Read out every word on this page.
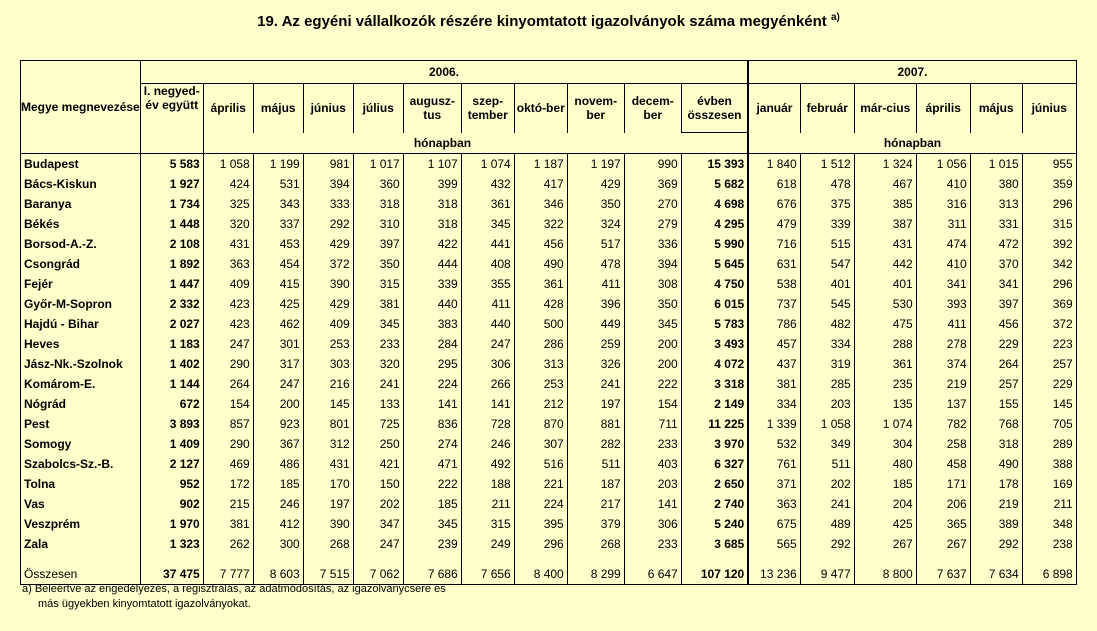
19. Az egyéni vállalkozók részére kinyomtatott igazolványok száma megyénként $^{a)}$
Megye megnevezése	2006.											2007.					
	I. negyed-év együtt	április	május	június	július	augusz-tus	szep-tember	októ-ber	novem-ber	decem-ber	évben összesen	január	február	már-cius	április	május	június
		hónapban										hónapban					
Budapest	5 583	1 058	1 199	981	1 017	1 107	1 074	1 187	1 197	990	15 393	1 840	1 512	1 324	1 056	1 015	955
Bács-Kiskun	1 927	424	531	394	360	399	432	417	429	369	5 682	618	478	467	410	380	359
Baranya	1 734	325	343	333	318	318	361	346	350	270	4 698	676	375	385	316	313	296
Békés	1 448	320	337	292	310	318	345	322	324	279	4 295	479	339	387	311	331	315
Borsod-A.-Z.	2 108	431	453	429	397	422	441	456	517	336	5 990	716	515	431	474	472	392
Csongrád	1 892	363	454	372	350	444	408	490	478	394	5 645	631	547	442	410	370	342
Fejér	1 447	409	415	390	315	339	355	361	411	308	4 750	538	401	401	341	341	296
Győr-M-Sopron	2 332	423	425	429	381	440	411	428	396	350	6 015	737	545	530	393	397	369
Hajdú - Bihar	2 027	423	462	409	345	383	440	500	449	345	5 783	786	482	475	411	456	372
Heves	1 183	247	301	253	233	284	247	286	259	200	3 493	457	334	288	278	229	223
Jász-Nk.-Szolnok	1 402	290	317	303	320	295	306	313	326	200	4 072	437	319	361	374	264	257
Komárom-E.	1 144	264	247	216	241	224	266	253	241	222	3 318	381	285	235	219	257	229
Nógrád	672	154	200	145	133	141	141	212	197	154	2 149	334	203	135	137	155	145
Pest	3 893	857	923	801	725	836	728	870	881	711	11 225	1 339	1 058	1 074	782	768	705
Somogy	1 409	290	367	312	250	274	246	307	282	233	3 970	532	349	304	258	318	289
Szabolcs-Sz.-B.	2 127	469	486	431	421	471	492	516	511	403	6 327	761	511	480	458	490	388
Tolna	952	172	185	170	150	222	188	221	187	203	2 650	371	202	185	171	178	169
Vas	902	215	246	197	202	185	211	224	217	141	2 740	363	241	204	206	219	211
Veszprém	1 970	381	412	390	347	345	315	395	379	306	5 240	675	489	425	365	389	348
Zala	1 323	262	300	268	247	239	249	296	268	233	3 685	565	292	267	267	292	238
Összesen	37 475	7 777	8 603	7 515	7 062	7 686	7 656	8 400	8 299	6 647	107 120	13 236	9 477	8 800	7 637	7 634	6 898
a) Beleértve az engedélyezés, a regisztrálás, az adatmódosítás, az igazolványcsere és
más ügyekben kinyomtatott igazolványokat.
